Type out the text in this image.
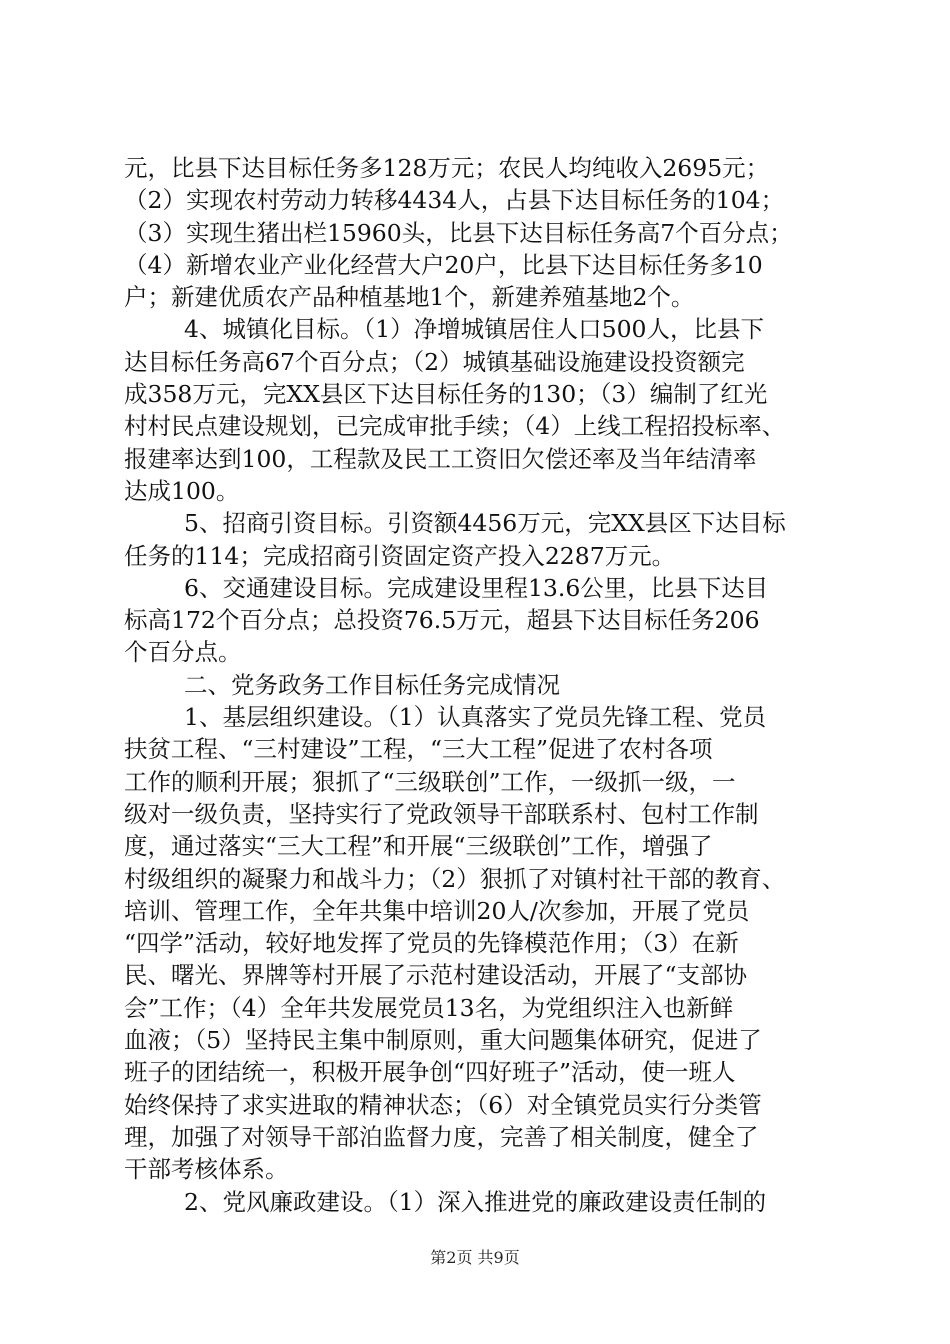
元，比县下达目标任务多128万元；农民人均纯收入2695元；
（2）实现农村劳动力转移4434人，占县下达目标任务的104；
（3）实现生猪出栏15960头，比县下达目标任务高7个百分点；
（4）新增农业产业化经营大户20户，比县下达目标任务多10
户；新建优质农产品种植基地1个，新建养殖基地2个。
4、城镇化目标。（1）净增城镇居住人口500人，比县下
达目标任务高67个百分点；（2）城镇基础设施建设投资额完
成358万元，完XX县区下达目标任务的130；（3）编制了红光
村村民点建设规划，已完成审批手续；（4）上线工程招投标率、
报建率达到100，工程款及民工工资旧欠偿还率及当年结清率
达成100。
5、招商引资目标。引资额4456万元，完XX县区下达目标
任务的114；完成招商引资固定资产投入2287万元。
6、交通建设目标。完成建设里程13.6公里，比县下达目
标高172个百分点；总投资76.5万元，超县下达目标任务206
个百分点。
二、党务政务工作目标任务完成情况
1、基层组织建设。（1）认真落实了党员先锋工程、党员
扶贫工程、“三村建设”工程，“三大工程”促进了农村各项
工作的顺利开展；狠抓了“三级联创”工作，一级抓一级，一
级对一级负责，坚持实行了党政领导干部联系村、包村工作制
度，通过落实“三大工程”和开展“三级联创”工作，增强了
村级组织的凝聚力和战斗力；（2）狠抓了对镇村社干部的教育、
培训、管理工作，全年共集中培训20人/次参加，开展了党员
“四学”活动，较好地发挥了党员的先锋模范作用；（3）在新
民、曙光、界牌等村开展了示范村建设活动，开展了“支部协
会”工作；（4）全年共发展党员13名，为党组织注入也新鲜
血液；（5）坚持民主集中制原则，重大问题集体研究，促进了
班子的团结统一，积极开展争创“四好班子”活动，使一班人
始终保持了求实进取的精神状态；（6）对全镇党员实行分类管
理，加强了对领导干部泊监督力度，完善了相关制度，健全了
干部考核体系。
2、党风廉政建设。（1）深入推进党的廉政建设责任制的
第2页 共9页
